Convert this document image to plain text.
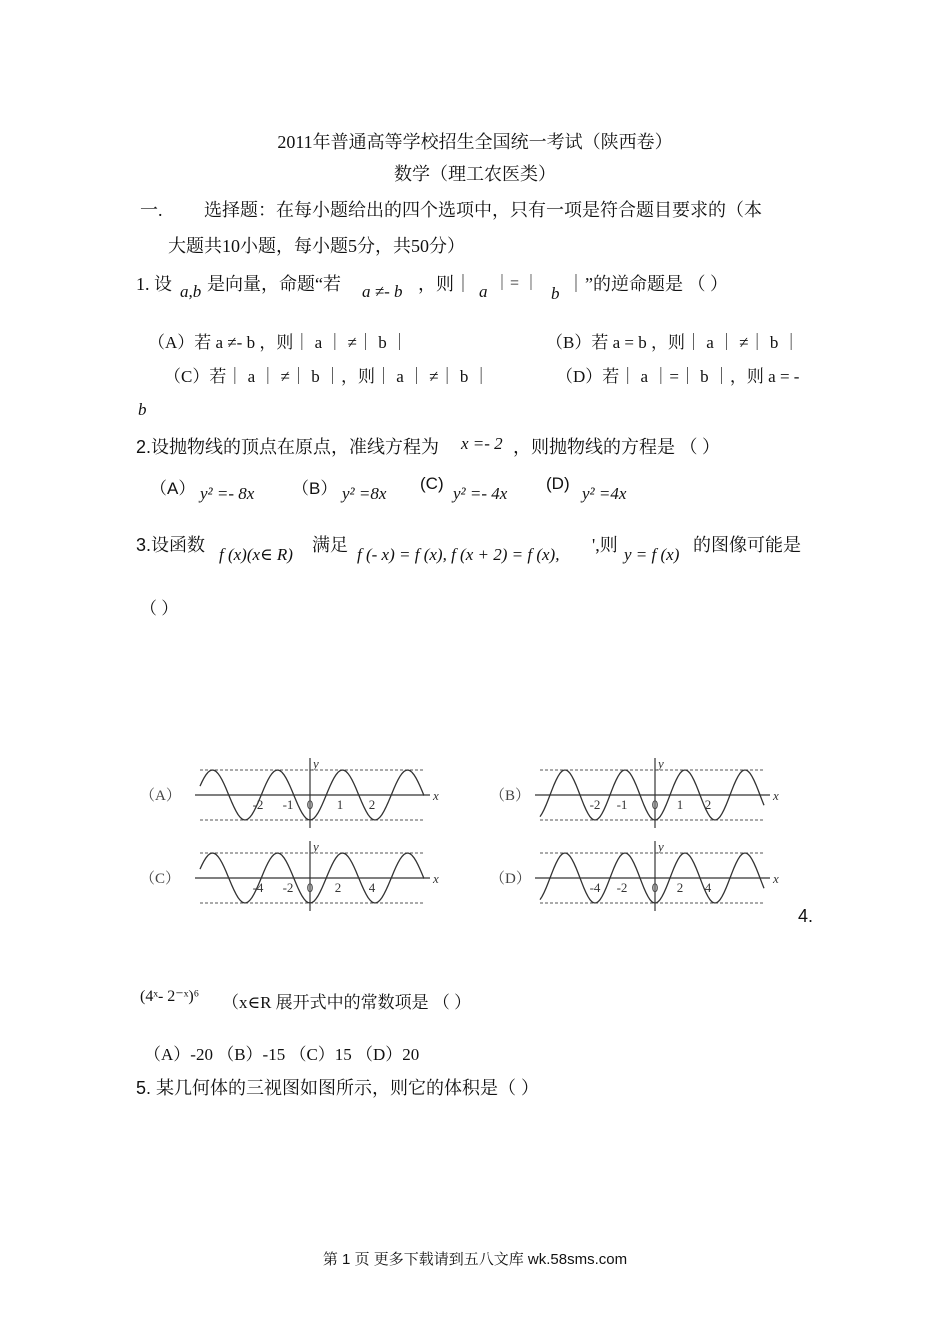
2011年普通高等学校招生全国统一考试（陕西卷）
数学（理工农医类）
一. 选择题：在每小题给出的四个选项中，只有一项是符合题目要求的（本
大题共10小题，每小题5分，共50分）
1. 设 a,b 是向量，命题“若 a ≠- b ，则｜ a ｜= ｜
b ｜”的逆命题是 （ ）
（A）若 a ≠- b ，则｜ a ｜ ≠｜ b ｜	（B）若 a = b ，则｜ a ｜ ≠｜ b ｜
（C）若｜ a ｜ ≠｜ b ｜，则｜ a ｜ ≠｜ b ｜	（D）若｜ a ｜=｜ b ｜，则 a = -
b
2.设抛物线的顶点在原点，准线方程为 x =- 2 ，则抛物线的方程是 （ ）
（A） y² =- 8x （B） y² =8x
(C)
y² =- 4x
(D)
y² =4x
3.设函数 f (x)(x∈ R) 满足 f (- x) = f (x), f (x + 2) = f (x), ',则 y = f (x) 的图像可能是
（ ）
（A）	x
y
-2 -1 0 1 2
（B）	x
y
-2 -1 0 1 2
（C）	x
y
-4 -2 0 2 4
（D）	x
y
-4 -2 0 2 4
4.
(4ˣ- 2⁻ˣ)⁶ （x∈R 展开式中的常数项是 （ ）
（A）-20 （B）-15 （C）15 （D）20
5. 某几何体的三视图如图所示，则它的体积是（ ）
第 1 页 更多下载请到五八文库 wk.58sms.com
